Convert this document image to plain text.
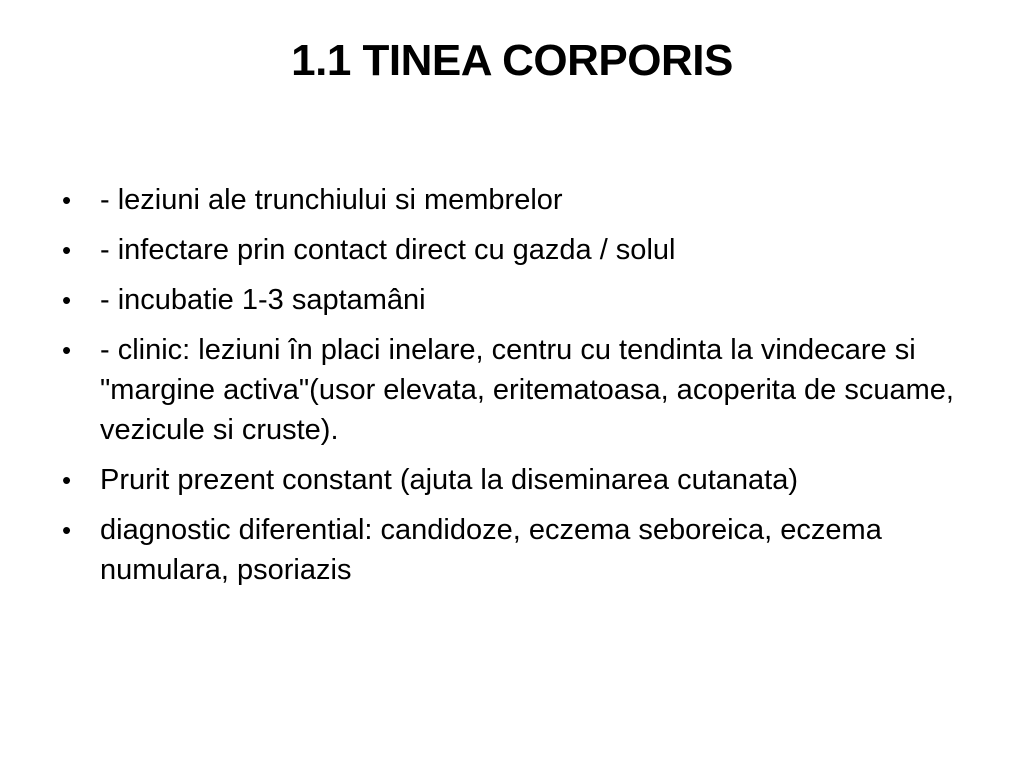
1.1 TINEA CORPORIS
• - leziuni ale trunchiului si membrelor
• - infectare prin contact direct cu gazda / solul
• - incubatie 1-3 saptamâni
• - clinic: leziuni în placi inelare, centru cu tendinta la vindecare si "margine activa"(usor elevata, eritematoasa, acoperita de scuame, vezicule si cruste).
• Prurit prezent constant (ajuta la diseminarea cutanata)
• diagnostic diferential: candidoze, eczema seboreica, eczema numulara, psoriazis
